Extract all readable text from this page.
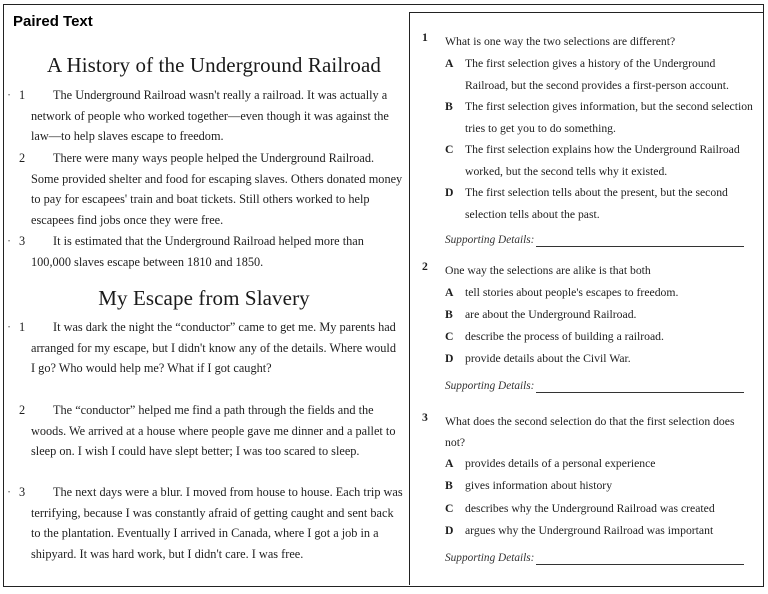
Paired Text
A History of the Underground Railroad
· 1 The Underground Railroad wasn't really a railroad. It was actually a network of people who worked together—even though it was against the law—to help slaves escape to freedom.
2 There were many ways people helped the Underground Railroad. Some provided shelter and food for escaping slaves. Others donated money to pay for escapees' train and boat tickets. Still others worked to help escapees find jobs once they were free.
· 3 It is estimated that the Underground Railroad helped more than 100,000 slaves escape between 1810 and 1850.
My Escape from Slavery
· 1 It was dark the night the “conductor” came to get me. My parents had arranged for my escape, but I didn't know any of the details. Where would I go? Who would help me? What if I got caught?
2 The “conductor” helped me find a path through the fields and the woods. We arrived at a house where people gave me dinner and a pallet to sleep on. I wish I could have slept better; I was too scared to sleep.
· 3 The next days were a blur. I moved from house to house. Each trip was terrifying, because I was constantly afraid of getting caught and sent back to the plantation. Eventually I arrived in Canada, where I got a job in a shipyard. It was hard work, but I didn't care. I was free.
1 What is one way the two selections are different?
A The first selection gives a history of the Underground Railroad, but the second provides a first-person account.
B	The first selection gives information, but the second selection tries to get you to do something.
C The first selection explains how the Underground Railroad worked, but the second tells why it existed.
D The first selection tells about the present, but the second selection tells about the past.
Supporting Details:
2 One way the selections are alike is that both
A tell stories about people's escapes to freedom.
B	are about the Underground Railroad.
C describe the process of building a railroad.
D provide details about the Civil War.
Supporting Details:
3 What does the second selection do that the first selection does not?
A provides details of a personal experience
B	gives information about history
C describes why the Underground Railroad was created
D argues why the Underground Railroad was important
Supporting Details:
